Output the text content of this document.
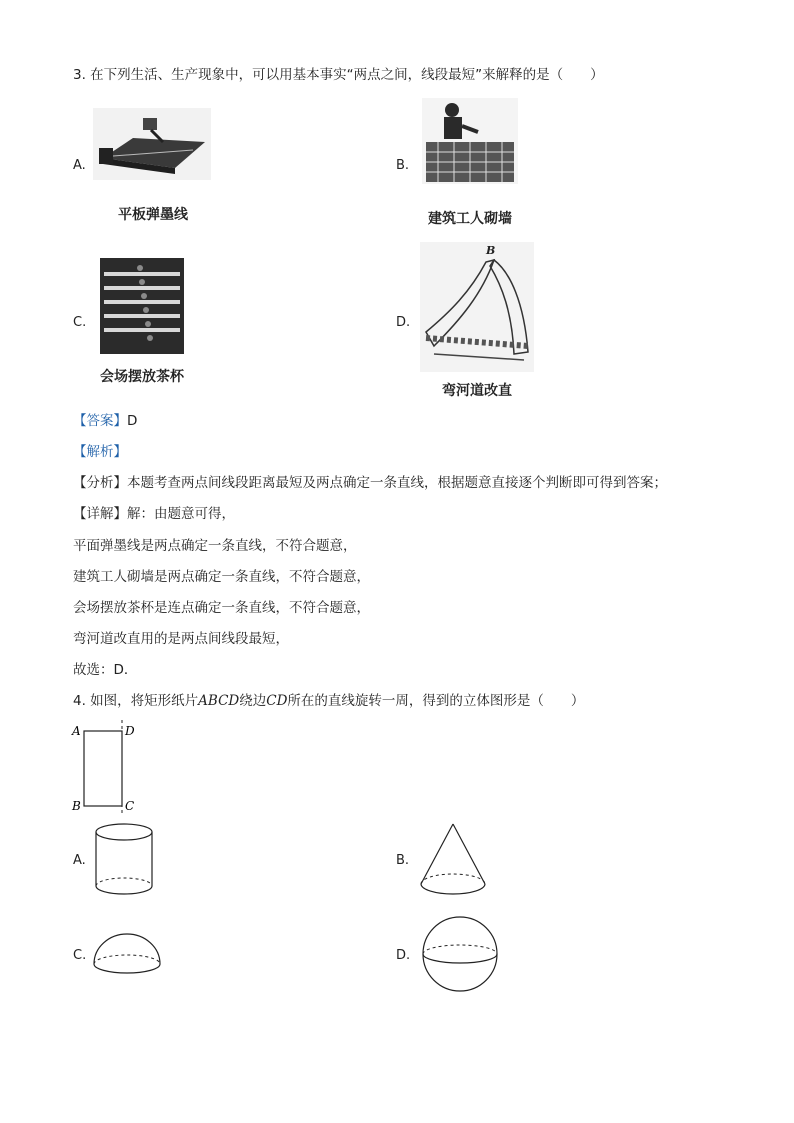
3. 在下列生活、生产现象中，可以用基本事实“两点之间，线段最短”来解释的是（　　）
A.
平板弹墨线
B.
建筑工人砌墙
C.
会场摆放茶杯
D.
B
弯河道改直
【答案】D
【解析】
【分析】本题考查两点间线段距离最短及两点确定一条直线，根据题意直接逐个判断即可得到答案；
【详解】解：由题意可得，
平面弹墨线是两点确定一条直线，不符合题意，
建筑工人砌墙是两点确定一条直线，不符合题意，
会场摆放茶杯是连点确定一条直线，不符合题意，
弯河道改直用的是两点间线段最短，
故选：D．
4. 如图，将矩形纸片ABCD绕边CD所在的直线旋转一周，得到的立体图形是（　　）
A	D
B	C
A.	B.
C.	D.
